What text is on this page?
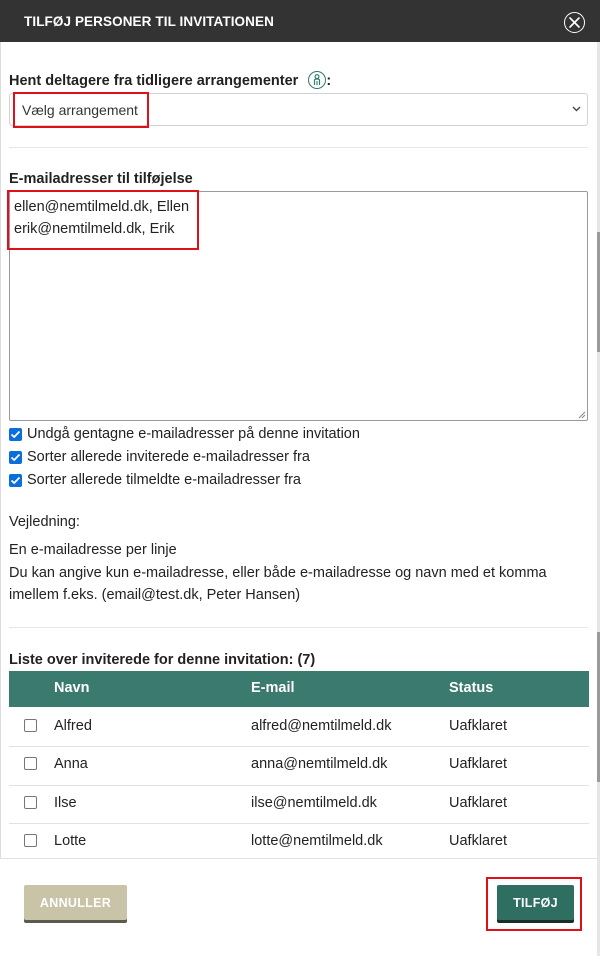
TILFØJ PERSONER TIL INVITATIONEN
Hent deltagere fra tidligere arrangementer :
Vælg arrangement
E-mailadresser til tilføjelse
ellen@nemtilmeld.dk, Ellen
erik@nemtilmeld.dk, Erik
Undgå gentagne e-mailadresser på denne invitation
Sorter allerede inviterede e-mailadresser fra
Sorter allerede tilmeldte e-mailadresser fra
Vejledning:
En e-mailadresse per linje
Du kan angive kun e-mailadresse, eller både e-mailadresse og navn med et komma
imellem f.eks. (email@test.dk, Peter Hansen)
Liste over inviterede for denne invitation: (7)
Navn	E-mail	Status
Alfred	alfred@nemtilmeld.dk	Uafklaret
Anna	anna@nemtilmeld.dk	Uafklaret
Ilse	ilse@nemtilmeld.dk	Uafklaret
Lotte	lotte@nemtilmeld.dk	Uafklaret
ANNULLER	TILFØJ
